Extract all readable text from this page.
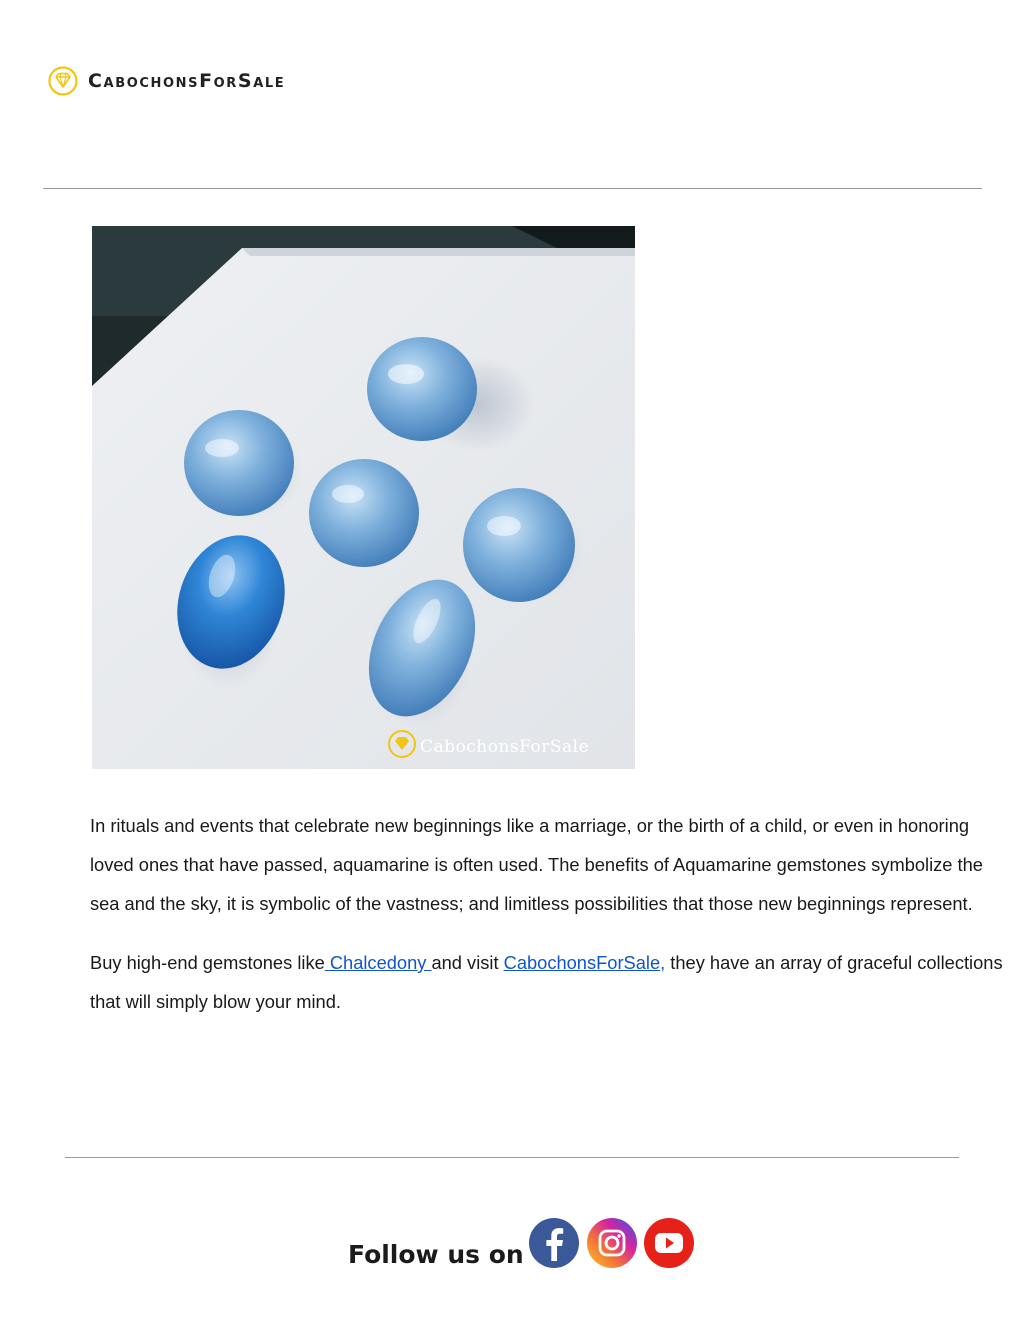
CabochonsForSale
CabochonsForSale

In rituals and events that celebrate new beginnings like a marriage, or the birth of a child, or even in honoring loved ones that have passed, aquamarine is often used. The benefits of Aquamarine gemstones symbolize the sea and the sky, it is symbolic of the vastness; and limitless possibilities that those new beginnings represent.

Buy high-end gemstones like Chalcedony and visit CabochonsForSale, they have an array of graceful collections that will simply blow your mind.

Follow us on
